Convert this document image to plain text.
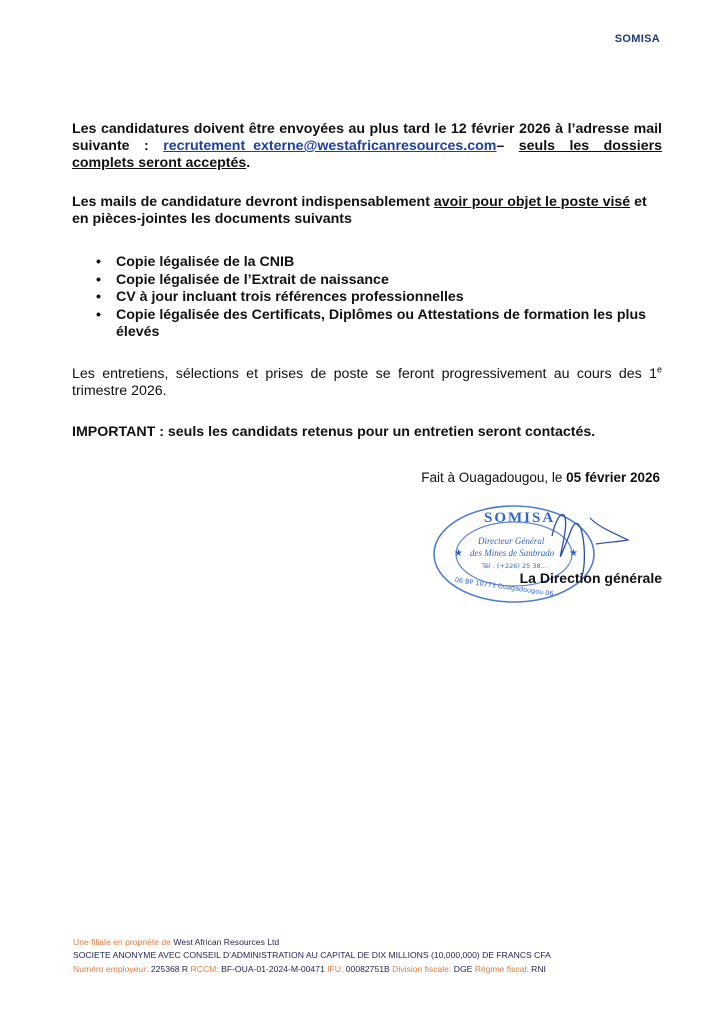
SOMISA

Les candidatures doivent être envoyées au plus tard le 12 février 2026 à l’adresse mail suivante : recrutement_externe@westafricanresources.com– seuls les dossiers complets seront acceptés.

Les mails de candidature devront indispensablement avoir pour objet le poste visé et en pièces-jointes les documents suivants

• Copie légalisée de la CNIB
• Copie légalisée de l’Extrait de naissance
• CV à jour incluant trois références professionnelles
• Copie légalisée des Certificats, Diplômes ou Attestations de formation les plus élevés

Les entretiens, sélections et prises de poste se feront progressivement au cours des 1e trimestre 2026.

IMPORTANT : seuls les candidats retenus pour un entretien seront contactés.

Fait à Ouagadougou, le 05 février 2026
★	★
SOMISA
Directeur Général
des Mines de Sanbrado
Tél : (+226) 25 38...
06 BP 10773 Ouagadougou 06
La Direction générale
Une filiale en propriété de West African Resources Ltd
SOCIETE ANONYME AVEC CONSEIL D’ADMINISTRATION AU CAPITAL DE DIX MILLIONS (10,000,000) DE FRANCS CFA
Numéro employeur: 225368 R RCCM: BF-OUA-01-2024-M-00471 IFU: 00082751B Division fiscale: DGE Régime fiscal: RNI
